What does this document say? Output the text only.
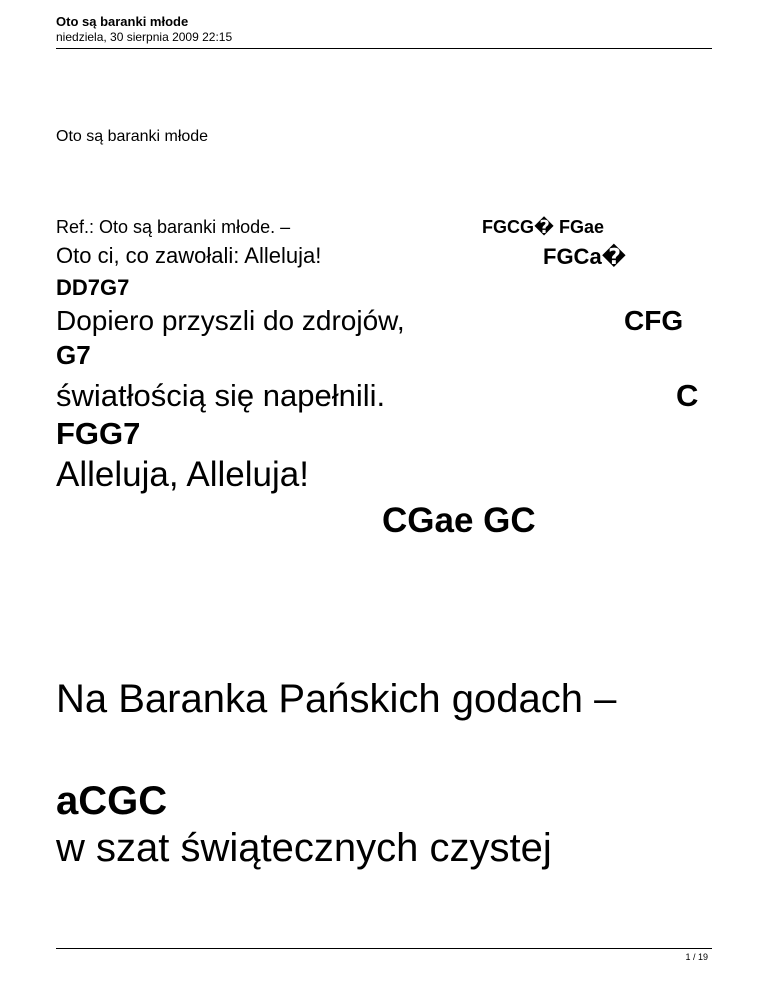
Oto są baranki młode
niedziela, 30 sierpnia 2009 22:15
Oto są baranki młode
Ref.: Oto są baranki młode. –	FGCG� FGae
Oto ci, co zawołali: Alleluja!	FGCa�
DD7G7
Dopiero przyszli do zdrojów,	CFG
G7
światłością się napełnili.	C
FGG7
Alleluja, Alleluja!
CGae GC
Na Baranka Pańskich godach –
aCGC
w szat świątecznych czystej
1 / 19
